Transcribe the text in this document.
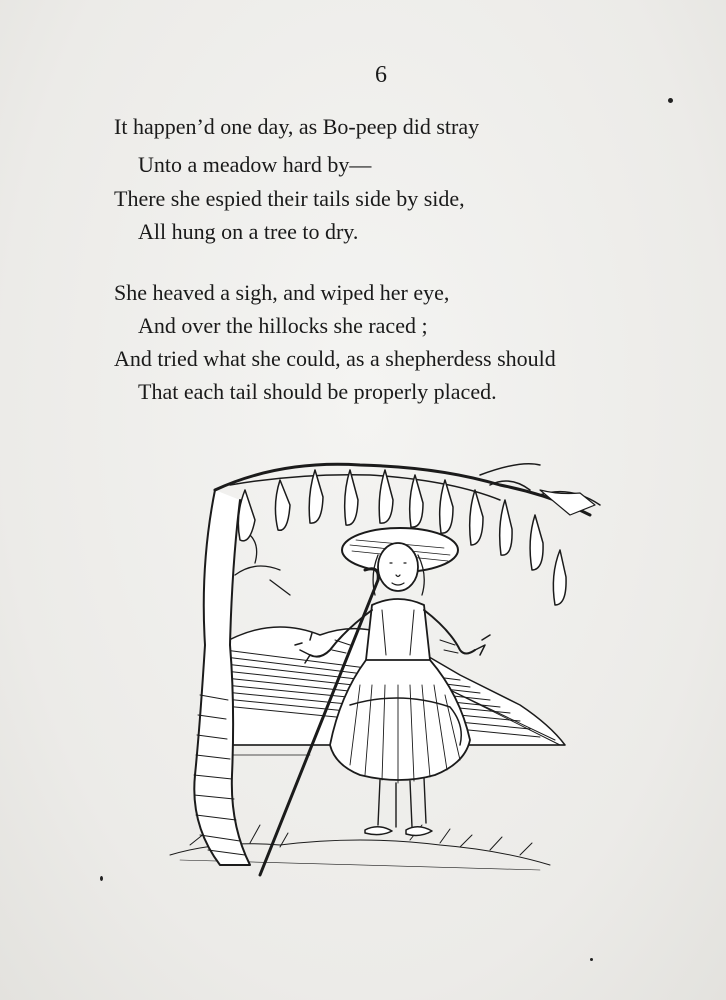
6
It happen’d one day, as Bo-peep did stray
Unto a meadow hard by—
There she espied their tails side by side,
All hung on a tree to dry.
She heaved a sigh, and wiped her eye,
And over the hillocks she raced ;
And tried what she could, as a shepherdess should
That each tail should be properly placed.
